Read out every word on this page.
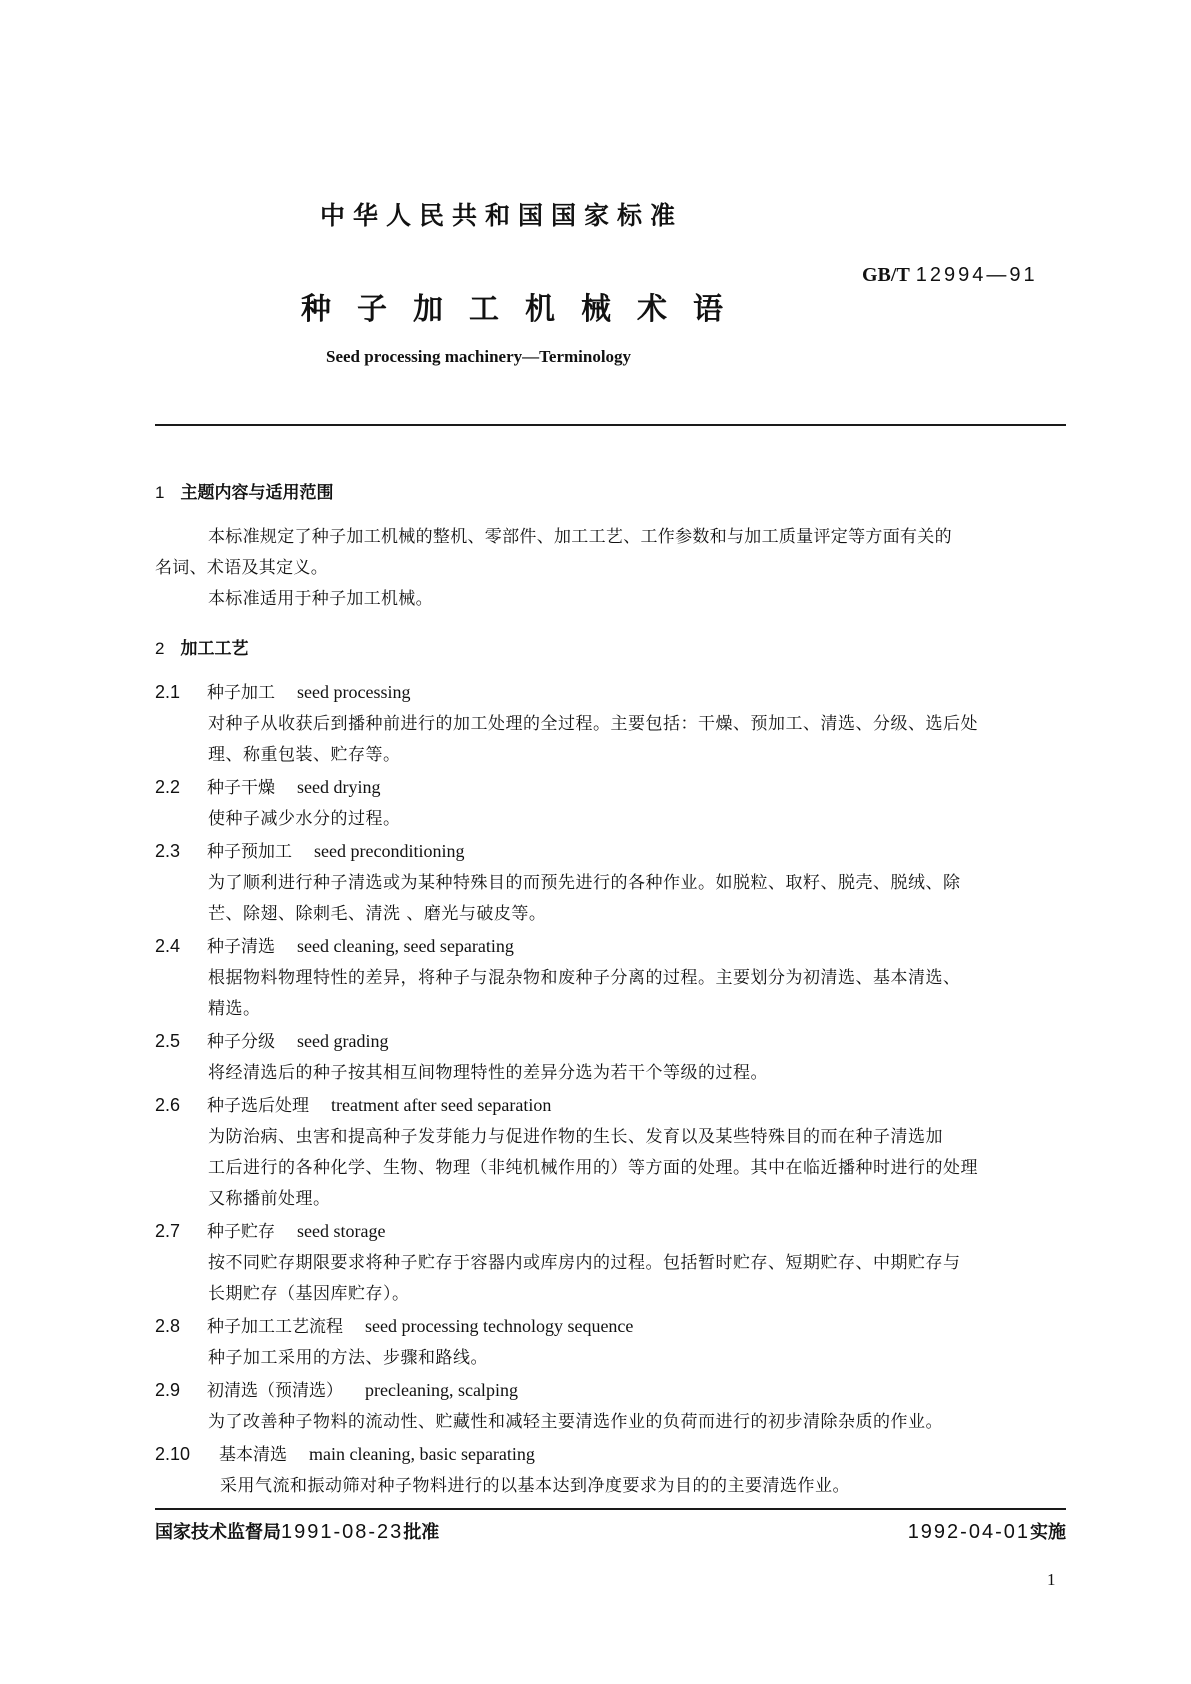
中华人民共和国国家标准
GB/T 12994—91
种子加工机械术语
Seed processing machinery—Terminology
1 主题内容与适用范围
本标准规定了种子加工机械的整机、零部件、加工工艺、工作参数和与加工质量评定等方面有关的
名词、术语及其定义。
本标准适用于种子加工机械。
2 加工工艺
2.1 种子加工 seed processing
对种子从收获后到播种前进行的加工处理的全过程。主要包括：干燥、预加工、清选、分级、选后处
理、称重包装、贮存等。
2.2 种子干燥 seed drying
使种子减少水分的过程。
2.3 种子预加工 seed preconditioning
为了顺利进行种子清选或为某种特殊目的而预先进行的各种作业。如脱粒、取籽、脱壳、脱绒、除
芒、除翅、除刺毛、清洗 、磨光与破皮等。
2.4 种子清选 seed cleaning, seed separating
根据物料物理特性的差异，将种子与混杂物和废种子分离的过程。主要划分为初清选、基本清选、
精选。
2.5 种子分级 seed grading
将经清选后的种子按其相互间物理特性的差异分选为若干个等级的过程。
2.6 种子选后处理 treatment after seed separation
为防治病、虫害和提高种子发芽能力与促进作物的生长、发育以及某些特殊目的而在种子清选加
工后进行的各种化学、生物、物理（非纯机械作用的）等方面的处理。其中在临近播种时进行的处理
又称播前处理。
2.7 种子贮存 seed storage
按不同贮存期限要求将种子贮存于容器内或库房内的过程。包括暂时贮存、短期贮存、中期贮存与
长期贮存（基因库贮存）。
2.8 种子加工工艺流程 seed processing technology sequence
种子加工采用的方法、步骤和路线。
2.9 初清选（预清选） precleaning, scalping
为了改善种子物料的流动性、贮藏性和减轻主要清选作业的负荷而进行的初步清除杂质的作业。
2.10 基本清选 main cleaning, basic separating
采用气流和振动筛对种子物料进行的以基本达到净度要求为目的的主要清选作业。
国家技术监督局1991-08-23批准	1992-04-01实施
1
